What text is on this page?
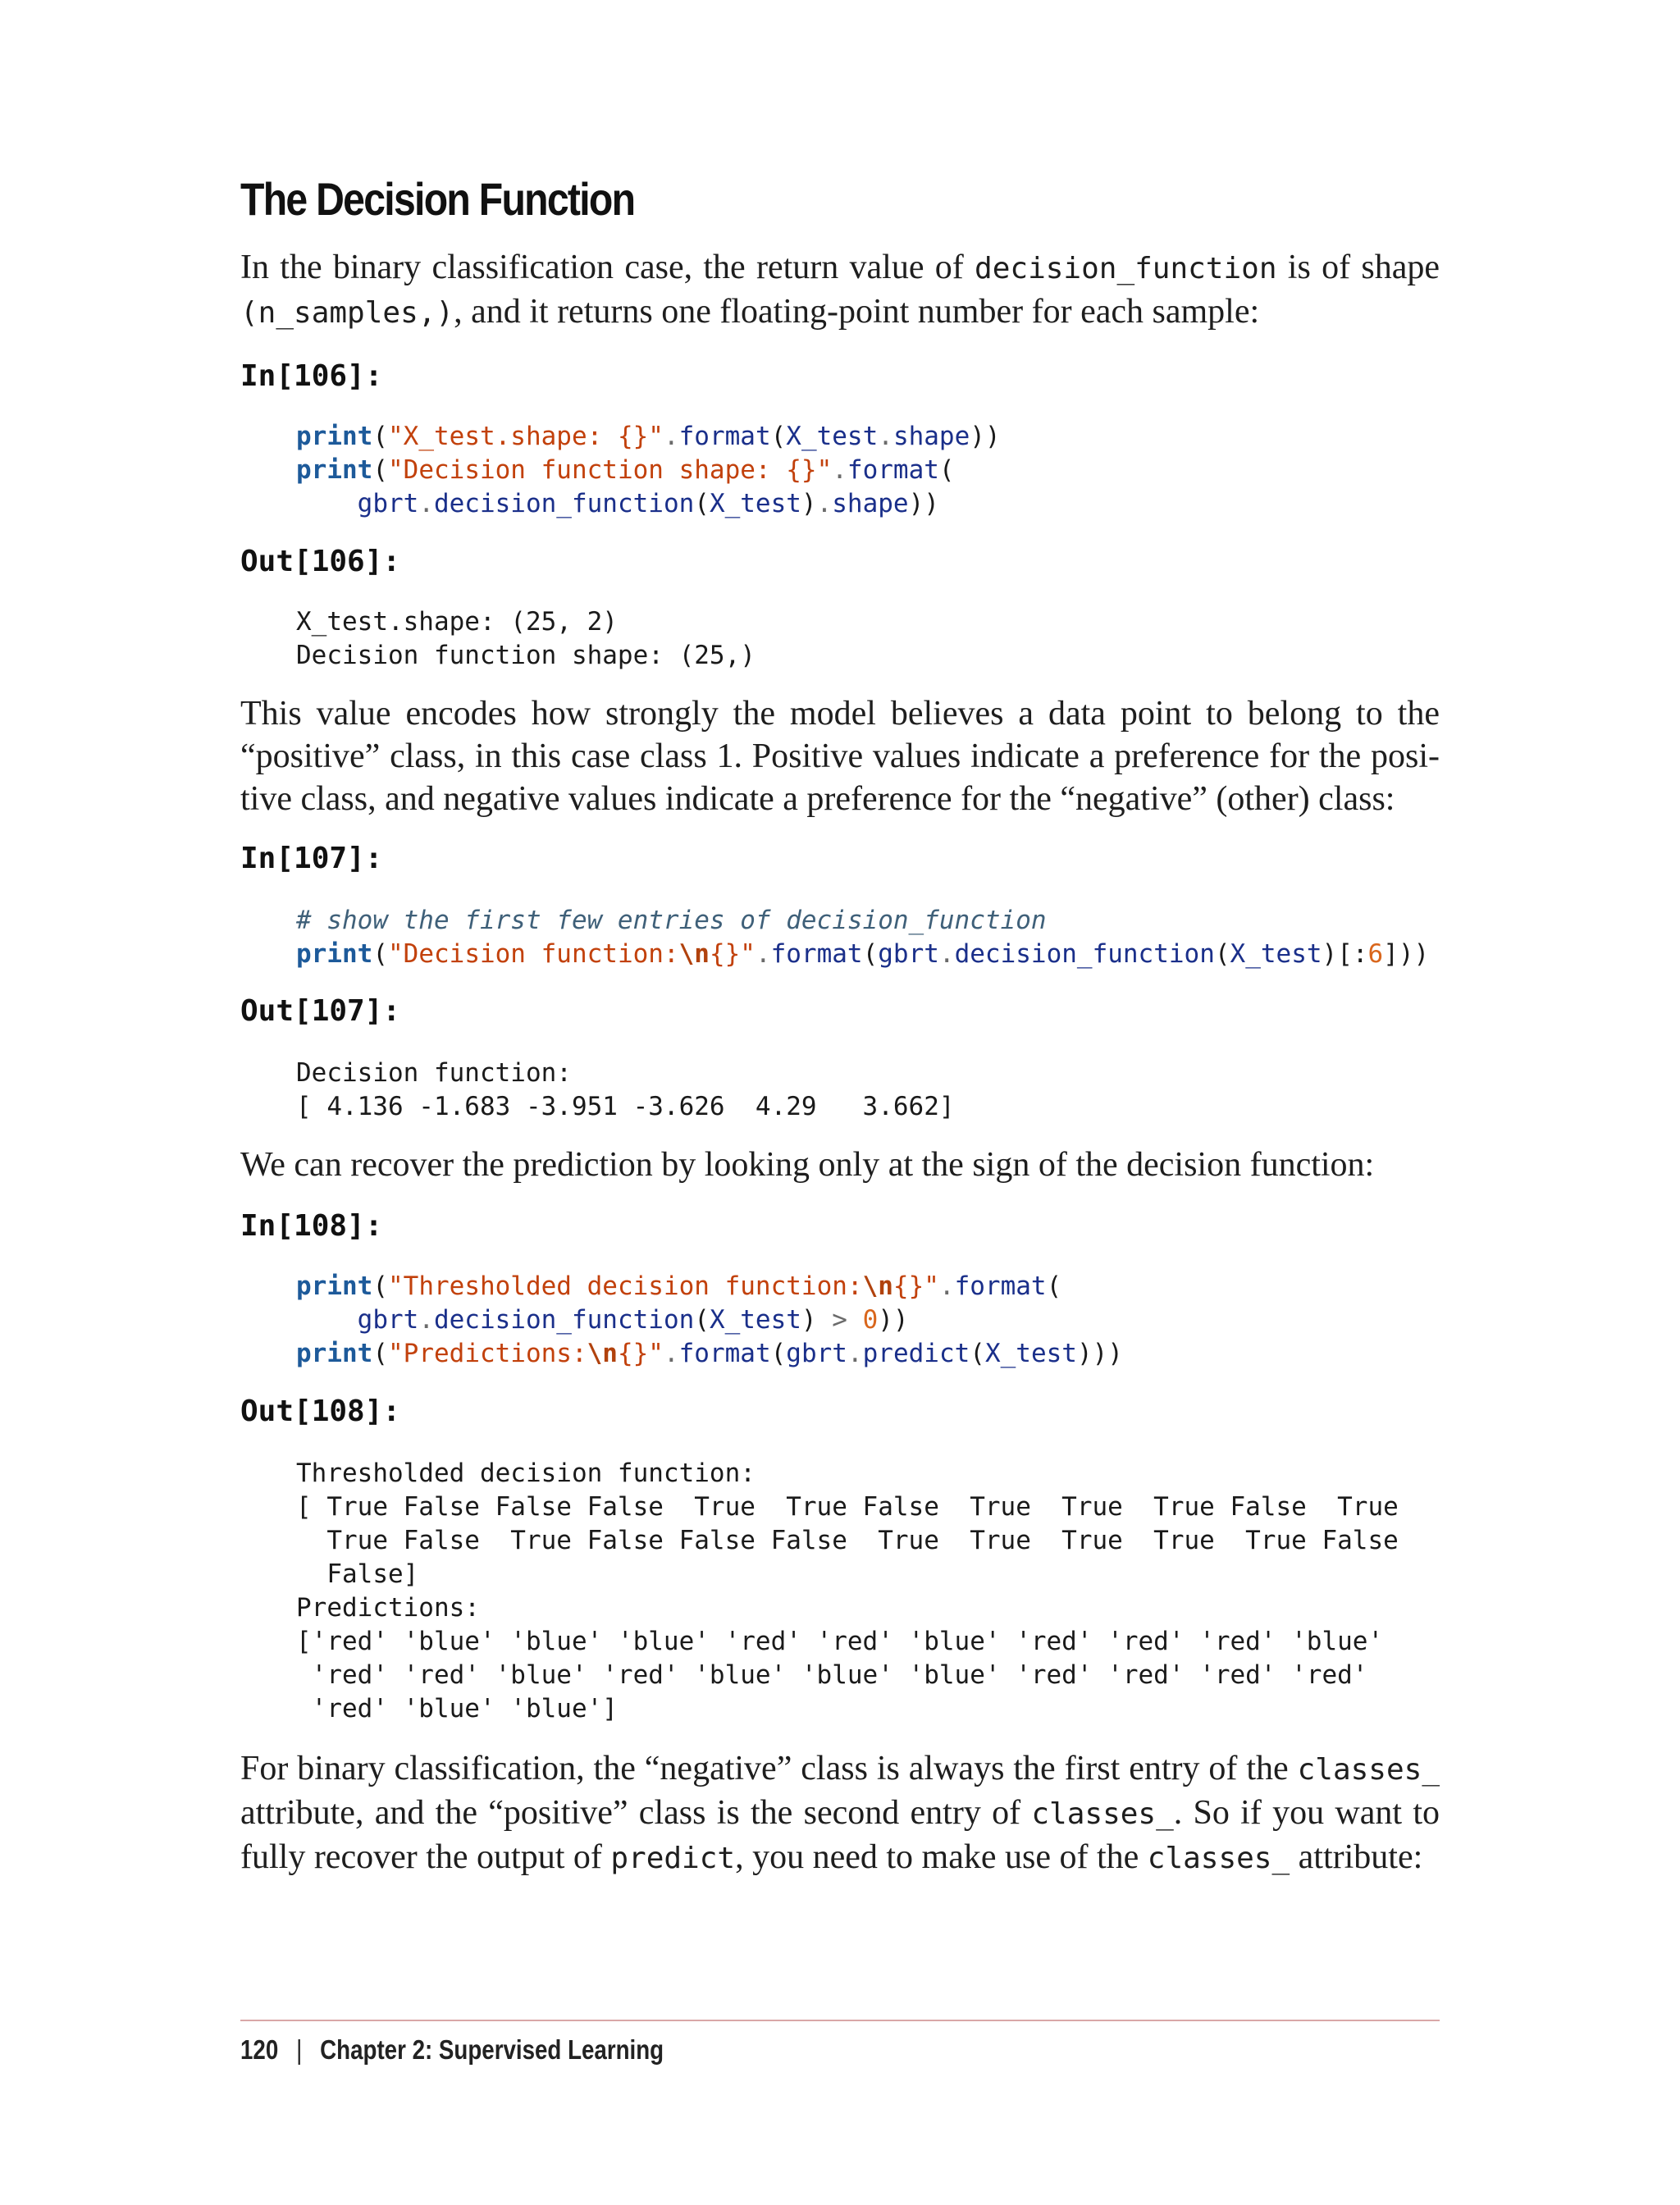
The Decision Function
In the binary classification case, the return value of decision_function is of shape
(n_samples,), and it returns one floating-point number for each sample:
In[106]:
print("X_test.shape: {}".format(X_test.shape))
print("Decision function shape: {}".format(
gbrt.decision_function(X_test).shape))
Out[106]:
X_test.shape: (25, 2)
Decision function shape: (25,)
This value encodes how strongly the model believes a data point to belong to the
“positive” class, in this case class 1. Positive values indicate a preference for the posi-
tive class, and negative values indicate a preference for the “negative” (other) class:
In[107]:
# show the first few entries of decision_function
print("Decision function:\n{}".format(gbrt.decision_function(X_test)[:6]))
Out[107]:
Decision function:
[ 4.136 -1.683 -3.951 -3.626  4.29   3.662]
We can recover the prediction by looking only at the sign of the decision function:
In[108]:
print("Thresholded decision function:\n{}".format(
gbrt.decision_function(X_test) > 0))
print("Predictions:\n{}".format(gbrt.predict(X_test)))
Out[108]:
Thresholded decision function:
[ True False False False  True  True False  True  True  True False  True
True False  True False False False  True  True  True  True  True False
False]
Predictions:
['red' 'blue' 'blue' 'blue' 'red' 'red' 'blue' 'red' 'red' 'red' 'blue'
'red' 'red' 'blue' 'red' 'blue' 'blue' 'blue' 'red' 'red' 'red' 'red'
'red' 'blue' 'blue']
For binary classification, the “negative” class is always the first entry of the classes_
attribute, and the “positive” class is the second entry of classes_. So if you want to
fully recover the output of predict, you need to make use of the classes_ attribute:
120 | Chapter 2: Supervised Learning
